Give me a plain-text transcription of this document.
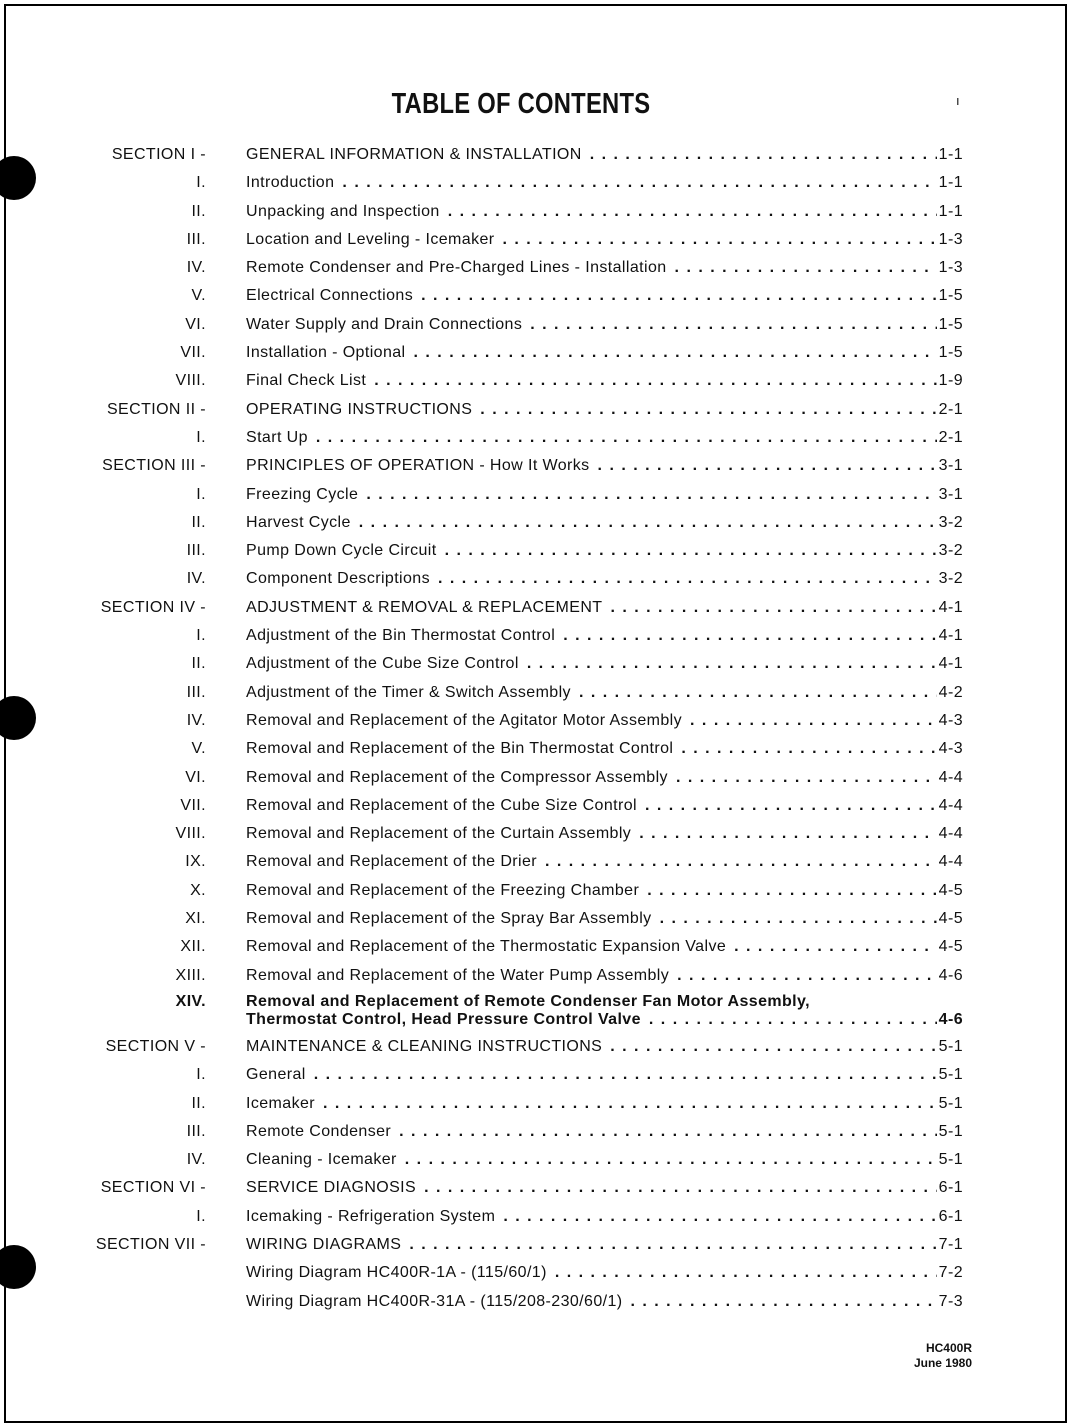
TABLE OF CONTENTS	ı
SECTION I -	GENERAL INFORMATION & INSTALLATION . . .	1-1
I.	Introduction . . .	1-1
II.	Unpacking and Inspection . . .	1-1
III.	Location and Leveling - Icemaker . . .	1-3
IV.	Remote Condenser and Pre-Charged Lines - Installation . . .	1-3
V.	Electrical Connections . . .	1-5
VI.	Water Supply and Drain Connections . . .	1-5
VII.	Installation - Optional . . .	1-5
VIII.	Final Check List . . .	1-9
SECTION II -	OPERATING INSTRUCTIONS . . .	2-1
I.	Start Up . . .	2-1
SECTION III -	PRINCIPLES OF OPERATION - How It Works . . .	3-1
I.	Freezing Cycle . . .	3-1
II.	Harvest Cycle . . .	3-2
III.	Pump Down Cycle Circuit . . .	3-2
IV.	Component Descriptions . . .	3-2
SECTION IV -	ADJUSTMENT & REMOVAL & REPLACEMENT . . .	4-1
I.	Adjustment of the Bin Thermostat Control . . .	4-1
II.	Adjustment of the Cube Size Control . . .	4-1
III.	Adjustment of the Timer & Switch Assembly . . .	4-2
IV.	Removal and Replacement of the Agitator Motor Assembly . . .	4-3
V.	Removal and Replacement of the Bin Thermostat Control . . .	4-3
VI.	Removal and Replacement of the Compressor Assembly . . .	4-4
VII.	Removal and Replacement of the Cube Size Control . . .	4-4
VIII.	Removal and Replacement of the Curtain Assembly . . .	4-4
IX.	Removal and Replacement of the Drier . . .	4-4
X.	Removal and Replacement of the Freezing Chamber . . .	4-5
XI.	Removal and Replacement of the Spray Bar Assembly . . .	4-5
XII.	Removal and Replacement of the Thermostatic Expansion Valve . . .	4-5
XIII.	Removal and Replacement of the Water Pump Assembly . . .	4-6
XIV.	Removal and Replacement of Remote Condenser Fan Motor Assembly,
Thermostat Control, Head Pressure Control Valve . . .	4-6
SECTION V -	MAINTENANCE & CLEANING INSTRUCTIONS . . .	5-1
I.	General . . .	5-1
II.	Icemaker . . .	5-1
III.	Remote Condenser . . .	5-1
IV.	Cleaning - Icemaker . . .	5-1
SECTION VI -	SERVICE DIAGNOSIS . . .	6-1
I.	Icemaking - Refrigeration System . . .	6-1
SECTION VII -	WIRING DIAGRAMS . . .	7-1
Wiring Diagram HC400R-1A - (115/60/1) . . .	7-2
Wiring Diagram HC400R-31A - (115/208-230/60/1) . . .	7-3
HC400R
June 1980
